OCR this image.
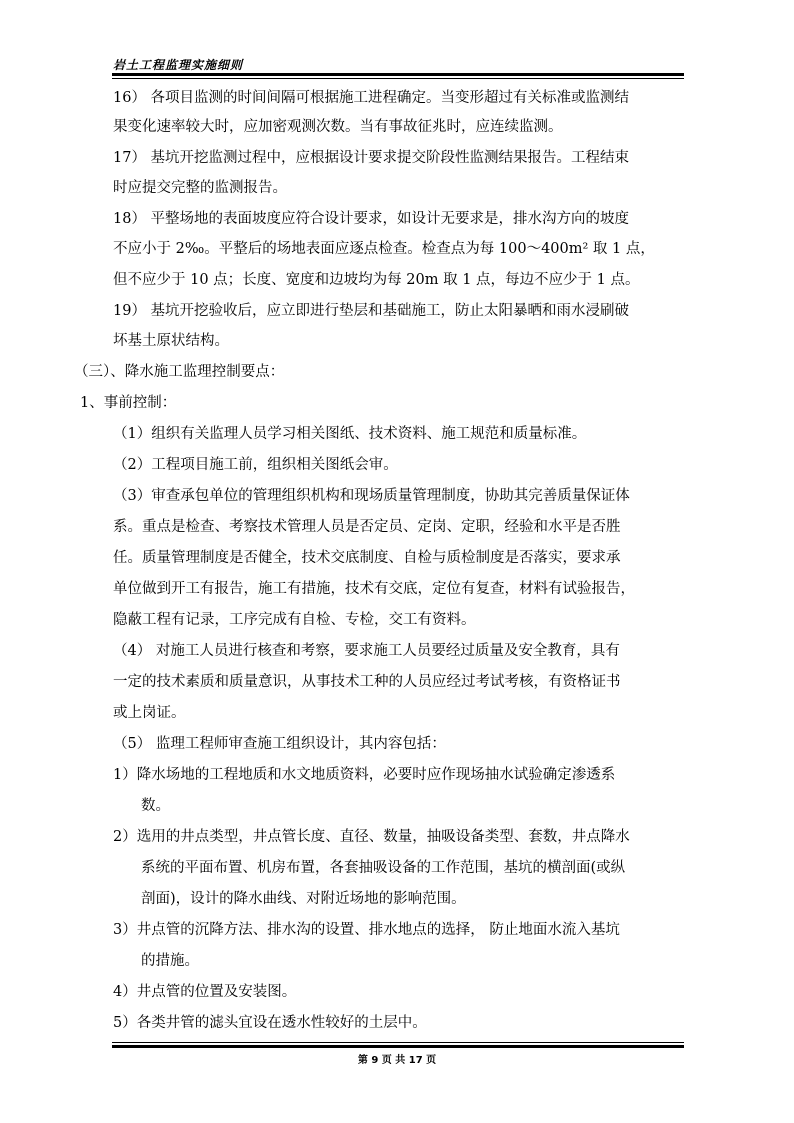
岩土工程监理实施细则
16） 各项目监测的时间间隔可根据施工进程确定。当变形超过有关标准或监测结
果变化速率较大时，应加密观测次数。当有事故征兆时，应连续监测。
17） 基坑开挖监测过程中，应根据设计要求提交阶段性监测结果报告。工程结束
时应提交完整的监测报告。
18） 平整场地的表面坡度应符合设计要求，如设计无要求是，排水沟方向的坡度
不应小于 2‰。平整后的场地表面应逐点检查。检查点为每 100～400m² 取 1 点，
但不应少于 10 点；长度、宽度和边坡均为每 20m 取 1 点，每边不应少于 1 点。
19） 基坑开挖验收后，应立即进行垫层和基础施工，防止太阳暴晒和雨水浸刷破
坏基土原状结构。
（三）、降水施工监理控制要点：
1、事前控制：
（1）组织有关监理人员学习相关图纸、技术资料、施工规范和质量标准。
（2）工程项目施工前，组织相关图纸会审。
（3）审查承包单位的管理组织机构和现场质量管理制度，协助其完善质量保证体
系。重点是检查、考察技术管理人员是否定员、定岗、定职，经验和水平是否胜
任。质量管理制度是否健全，技术交底制度、自检与质检制度是否落实，要求承
单位做到开工有报告，施工有措施，技术有交底，定位有复查，材料有试验报告，
隐蔽工程有记录，工序完成有自检、专检，交工有资料。
（4） 对施工人员进行核查和考察，要求施工人员要经过质量及安全教育，具有
一定的技术素质和质量意识，从事技术工种的人员应经过考试考核，有资格证书
或上岗证。
（5） 监理工程师审查施工组织设计，其内容包括：
1）降水场地的工程地质和水文地质资料，必要时应作现场抽水试验确定渗透系
数。
2）选用的井点类型，井点管长度、直径、数量，抽吸设备类型、套数，井点降水
系统的平面布置、机房布置，各套抽吸设备的工作范围，基坑的横剖面(或纵
剖面)，设计的降水曲线、对附近场地的影响范围。
3）井点管的沉降方法、排水沟的设置、排水地点的选择， 防止地面水流入基坑
的措施。
4）井点管的位置及安装图。
5）各类井管的滤头宜设在透水性较好的土层中。
第 9 页 共 17 页
